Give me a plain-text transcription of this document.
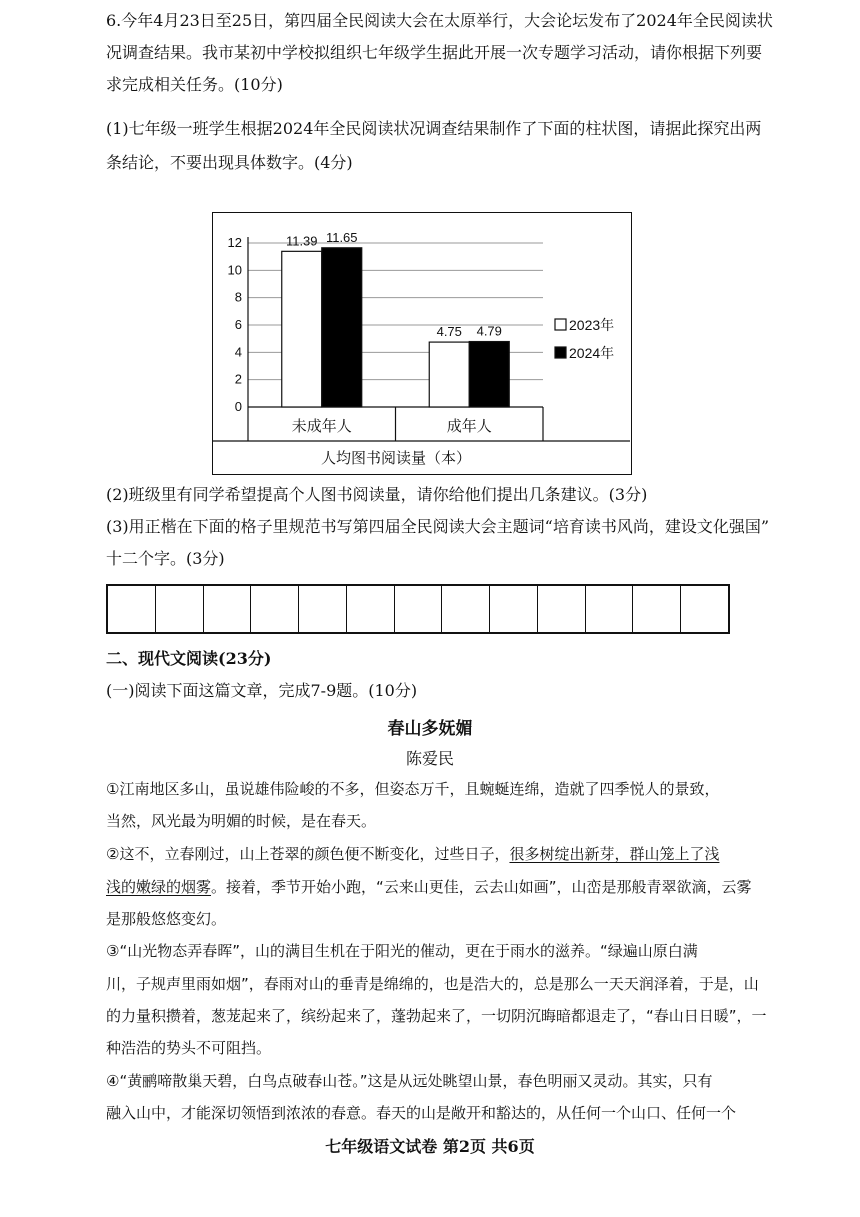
6.今年4月23日至25日，第四届全民阅读大会在太原举行，大会论坛发布了2024年全民阅读状
况调查结果。我市某初中学校拟组织七年级学生据此开展一次专题学习活动，请你根据下列要
求完成相关任务。(10分)
(1)七年级一班学生根据2024年全民阅读状况调查结果制作了下面的柱状图，请据此探究出两
条结论，不要出现具体数字。(4分)
0
2
4
6
8
10
12	11.39 11.65
未成年人
4.75 4.79
成年人
人均图书阅读量（本）
2023年
2024年
(2)班级里有同学希望提高个人图书阅读量，请你给他们提出几条建议。(3分)
(3)用正楷在下面的格子里规范书写第四届全民阅读大会主题词“培育读书风尚，建设文化强国”
十二个字。(3分)
二、现代文阅读(23分)
(一)阅读下面这篇文章，完成7-9题。(10分)
春山多妩媚
陈爱民
①江南地区多山，虽说雄伟险峻的不多，但姿态万千，且蜿蜒连绵，造就了四季悦人的景致，
当然，风光最为明媚的时候，是在春天。
②这不，立春刚过，山上苍翠的颜色便不断变化，过些日子，很多树绽出新芽，群山笼上了浅
浅的嫩绿的烟雾。接着，季节开始小跑，“云来山更佳，云去山如画”，山峦是那般青翠欲滴，云雾
是那般悠悠变幻。
③“山光物态弄春晖”，山的满目生机在于阳光的催动，更在于雨水的滋养。“绿遍山原白满
川，子规声里雨如烟”，春雨对山的垂青是绵绵的，也是浩大的，总是那么一天天润泽着，于是，山
的力量积攒着，葱茏起来了，缤纷起来了，蓬勃起来了，一切阴沉晦暗都退走了，“春山日日暖”，一
种浩浩的势头不可阻挡。
④“黄鹂啼散巢天碧，白鸟点破春山苍。”这是从远处眺望山景，春色明丽又灵动。其实，只有
融入山中，才能深切领悟到浓浓的春意。春天的山是敞开和豁达的，从任何一个山口、任何一个
七年级语文试卷 第2页 共6页
